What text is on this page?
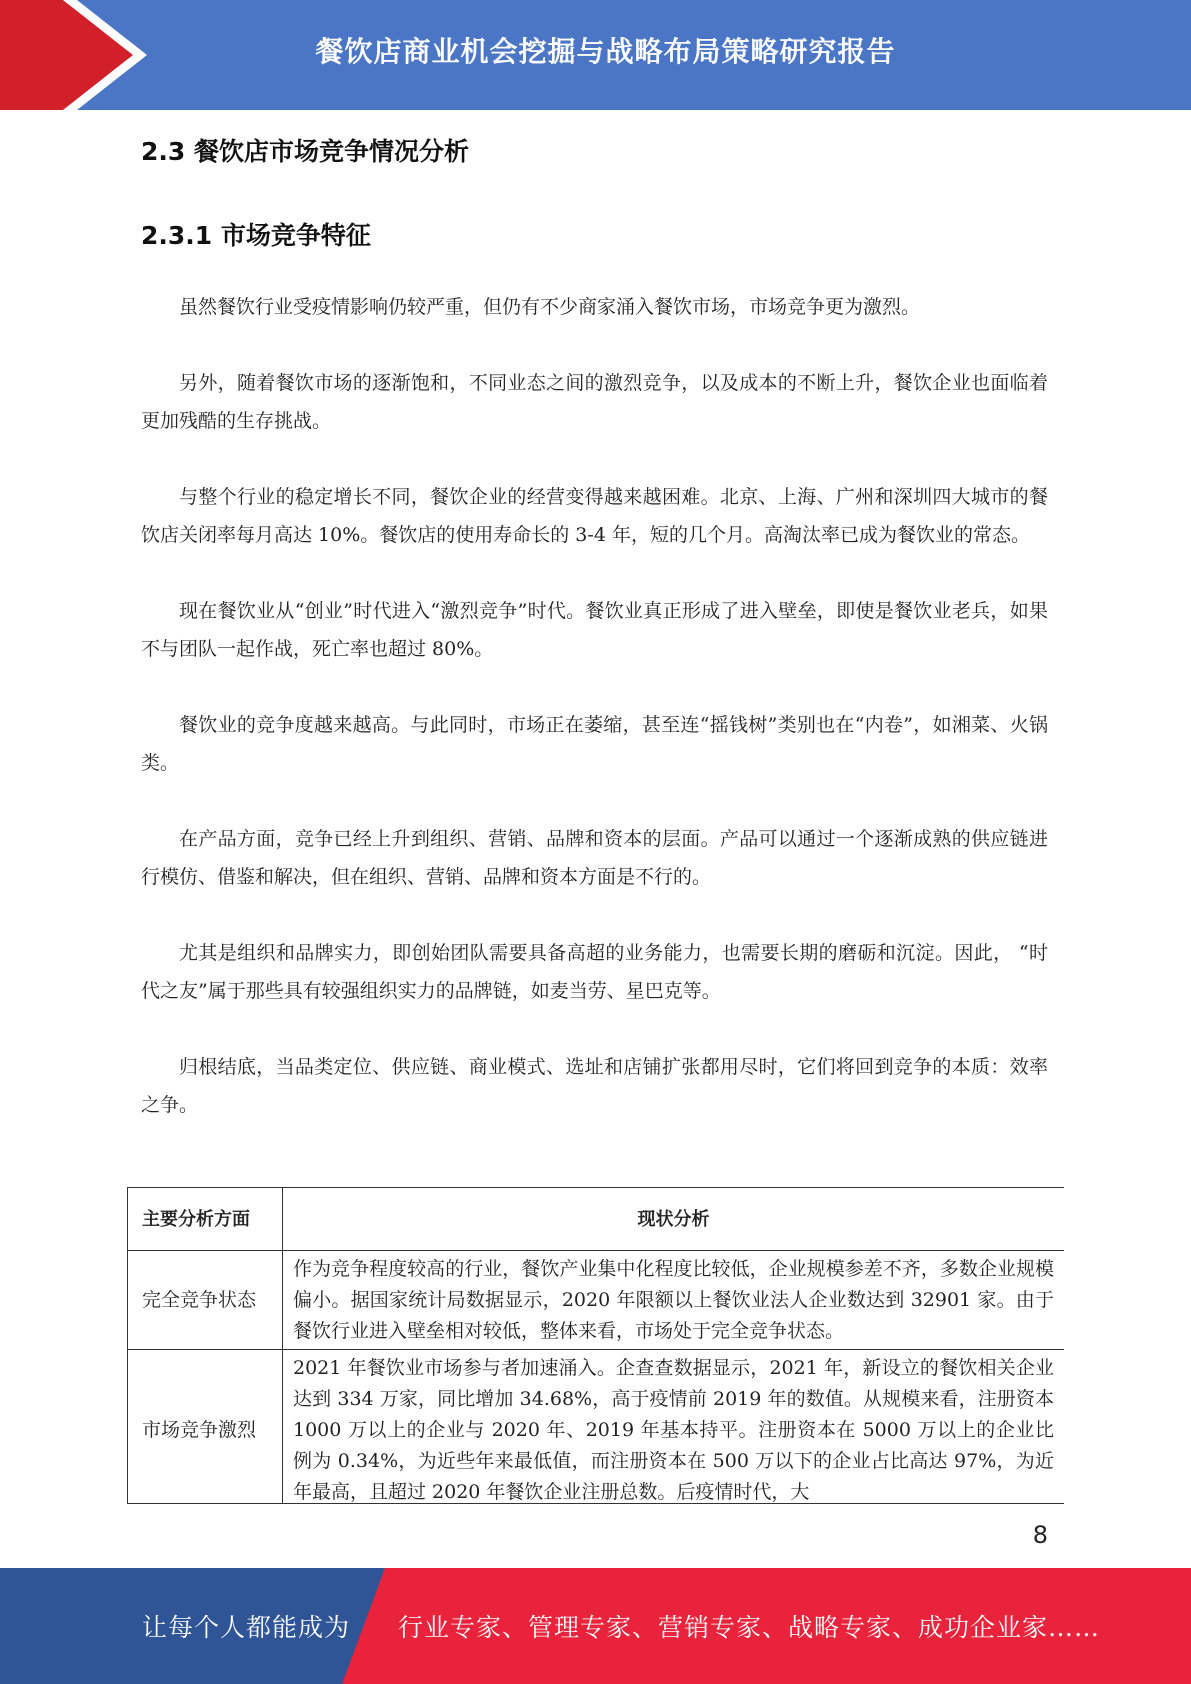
餐饮店商业机会挖掘与战略布局策略研究报告
2.3 餐饮店市场竞争情况分析
2.3.1 市场竞争特征

虽然餐饮行业受疫情影响仍较严重，但仍有不少商家涌入餐饮市场，市场竞争更为激烈。

另外，随着餐饮市场的逐渐饱和，不同业态之间的激烈竞争，以及成本的不断上升，餐饮企业也面临着更加残酷的生存挑战。

与整个行业的稳定增长不同，餐饮企业的经营变得越来越困难。北京、上海、广州和深圳四大城市的餐饮店关闭率每月高达 10%。餐饮店的使用寿命长的 3-4 年，短的几个月。高淘汰率已成为餐饮业的常态。

现在餐饮业从“创业”时代进入“激烈竞争”时代。餐饮业真正形成了进入壁垒，即使是餐饮业老兵，如果不与团队一起作战，死亡率也超过 80%。

餐饮业的竞争度越来越高。与此同时，市场正在萎缩，甚至连“摇钱树”类别也在“内卷”，如湘菜、火锅类。

在产品方面，竞争已经上升到组织、营销、品牌和资本的层面。产品可以通过一个逐渐成熟的供应链进行模仿、借鉴和解决，但在组织、营销、品牌和资本方面是不行的。

尤其是组织和品牌实力，即创始团队需要具备高超的业务能力，也需要长期的磨砺和沉淀。因此， “时代之友”属于那些具有较强组织实力的品牌链，如麦当劳、星巴克等。

归根结底，当品类定位、供应链、商业模式、选址和店铺扩张都用尽时，它们将回到竞争的本质：效率之争。

主要分析方面	现状分析
完全竞争状态	作为竞争程度较高的行业，餐饮产业集中化程度比较低，企业规模参差不齐，多数企业规模偏小。据国家统计局数据显示，2020 年限额以上餐饮业法人企业数达到 32901 家。由于餐饮行业进入壁垒相对较低，整体来看，市场处于完全竞争状态。
市场竞争激烈	2021 年餐饮业市场参与者加速涌入。企查查数据显示，2021 年，新设立的餐饮相关企业达到 334 万家，同比增加 34.68%，高于疫情前 2019 年的数值。从规模来看，注册资本 1000 万以上的企业与 2020 年、2019 年基本持平。注册资本在 5000 万以上的企业比例为 0.34%，为近些年来最低值，而注册资本在 500 万以下的企业占比高达 97%，为近年最高，且超过 2020 年餐饮企业注册总数。后疫情时代，大
8
让每个人都能成为 行业专家、管理专家、营销专家、战略专家、成功企业家……
